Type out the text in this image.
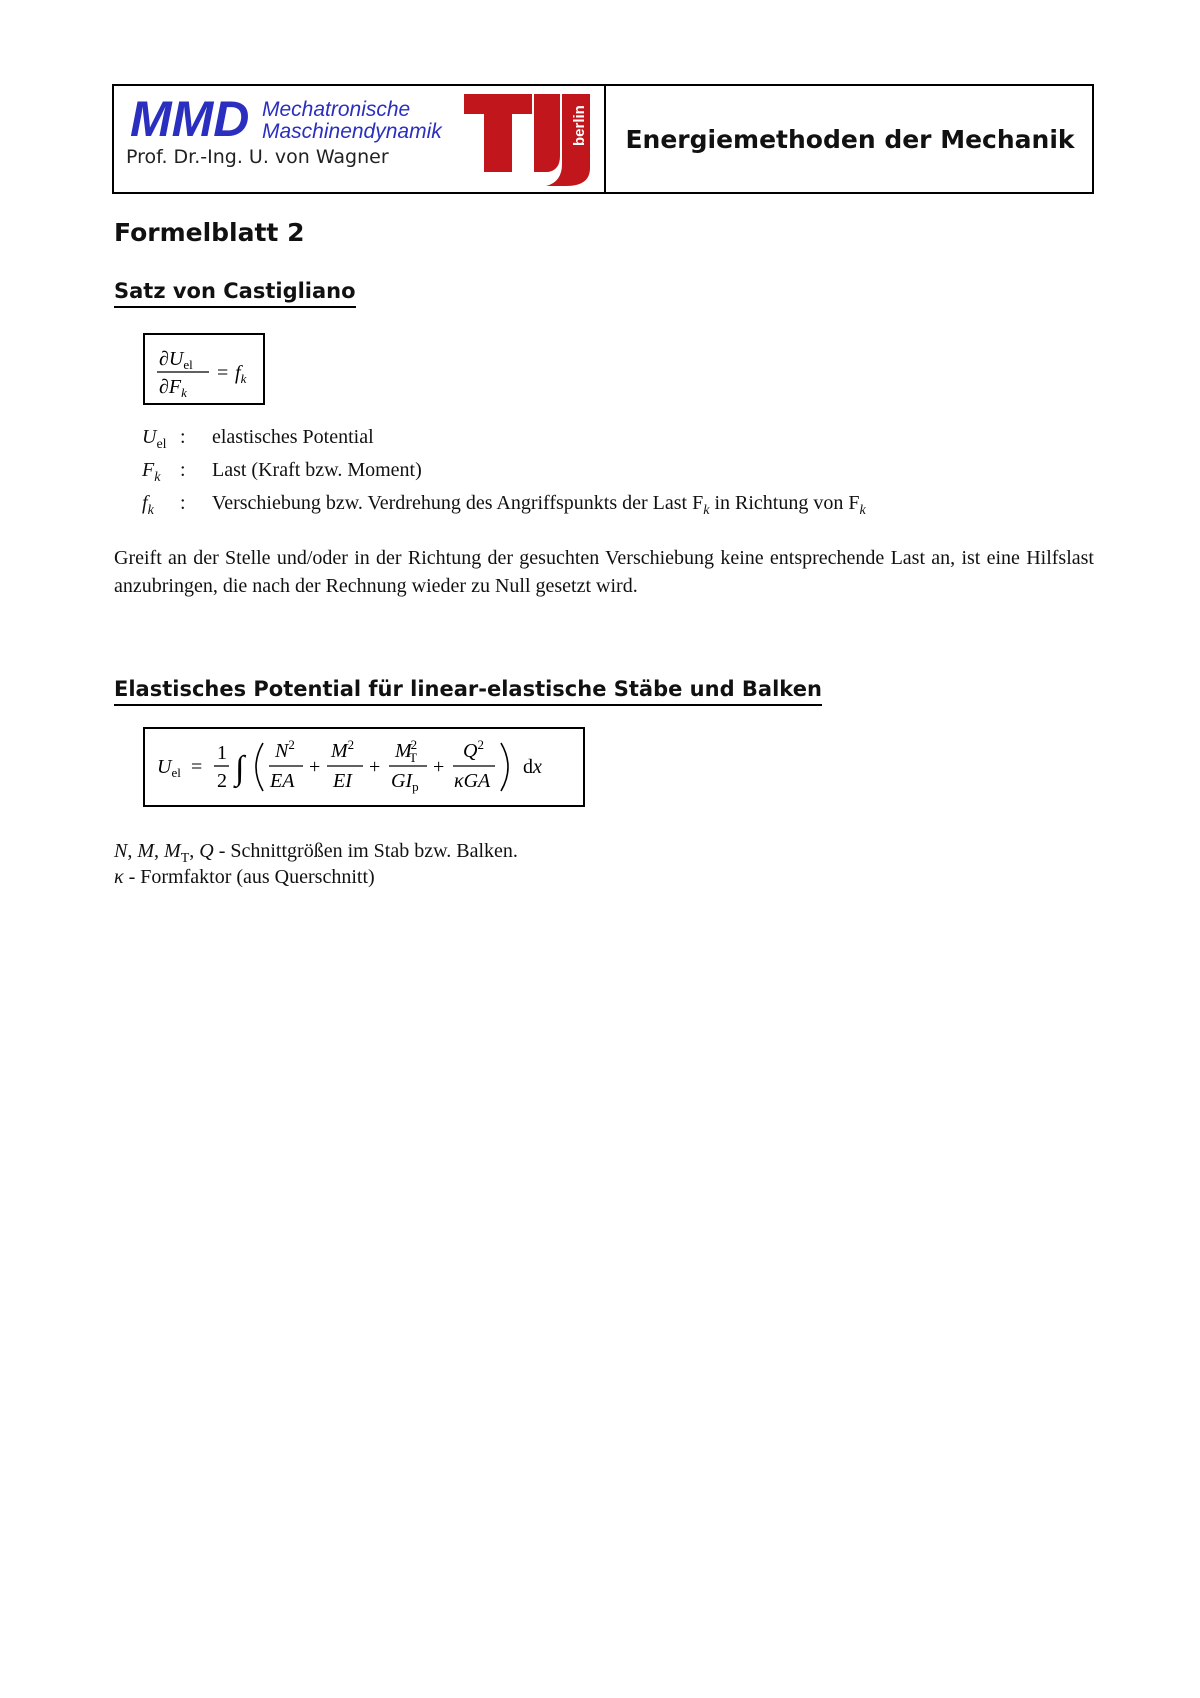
MMD Mechatronische
Maschinendynamik
Prof. Dr.-Ing. U. von Wagner
berlin	Energiemethoden der Mechanik
Formelblatt 2
Satz von Castigliano
$\partial U_{el}$
$\partial F_k$
= $f_k$
$U_{el}$ : elastisches Potential
$F_k$ : Last (Kraft bzw. Moment)
$f_k$	: Verschiebung bzw. Verdrehung des Angriffspunkts der Last $F_k$ in Richtung von $F_k$
Greift an der Stelle und/oder in der Richtung der gesuchten Verschiebung keine entsprechende Last an, ist eine Hilfslast anzubringen, die nach der Rechnung wieder zu Null gesetzt wird.
Elastisches Potential für linear-elastische Stäbe und Balken
$U_{el}$ =
1
2 ∫ $N^2$
EA
+
$M^2$
EI
+
M2 T
$GI_p$
+
$Q^2$
κGA
dx
N, M, $M_T$, Q - Schnittgrößen im Stab bzw. Balken.
κ - Formfaktor (aus Querschnitt)
